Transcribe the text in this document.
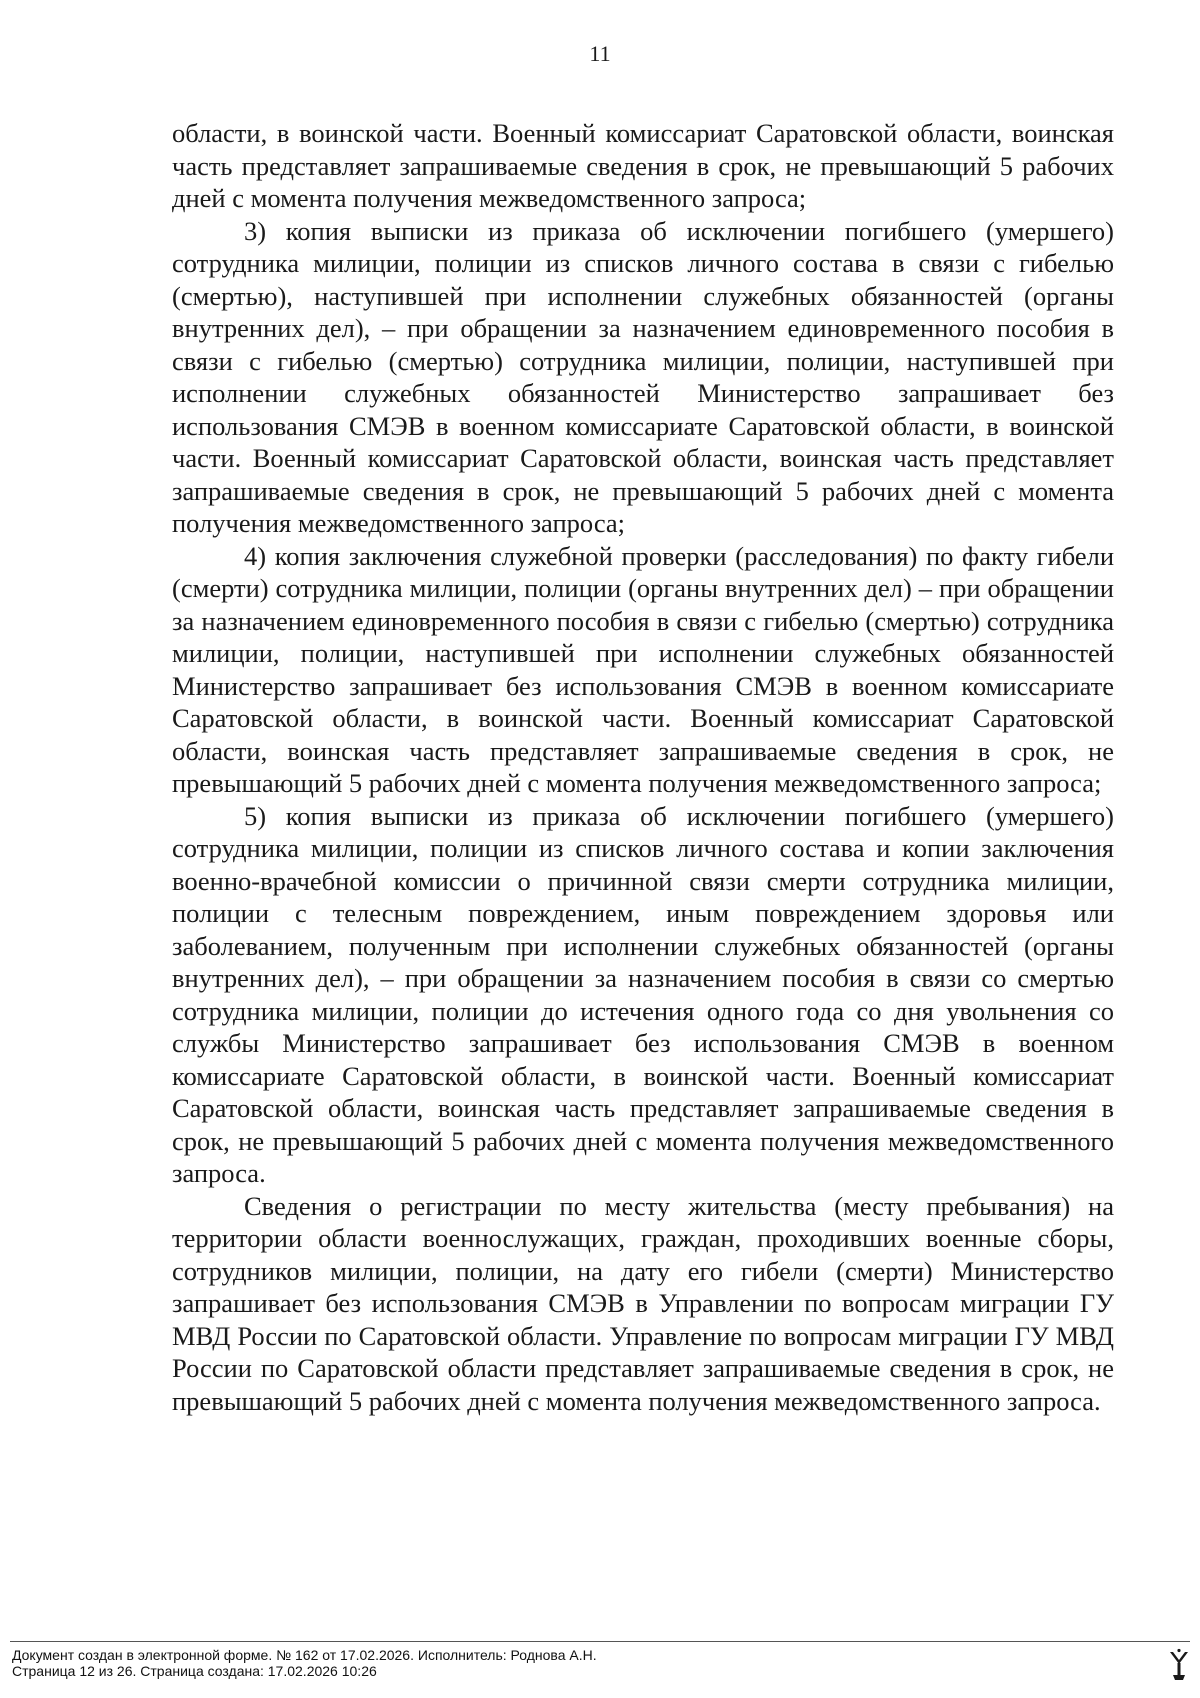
11

области, в воинской части. Военный комиссариат Саратовской области, воинская часть представляет запрашиваемые сведения в срок, не превышающий 5 рабочих дней с момента получения межведомственного запроса;

3) копия выписки из приказа об исключении погибшего (умершего) сотрудника милиции, полиции из списков личного состава в связи с гибелью (смертью), наступившей при исполнении служебных обязанностей (органы внутренних дел), – при обращении за назначением единовременного пособия в связи с гибелью (смертью) сотрудника милиции, полиции, наступившей при исполнении служебных обязанностей Министерство запрашивает без использования СМЭВ в военном комиссариате Саратовской области, в воинской части. Военный комиссариат Саратовской области, воинская часть представляет запрашиваемые сведения в срок, не превышающий 5 рабочих дней с момента получения межведомственного запроса;

4) копия заключения служебной проверки (расследования) по факту гибели (смерти) сотрудника милиции, полиции (органы внутренних дел) – при обращении за назначением единовременного пособия в связи с гибелью (смертью) сотрудника милиции, полиции, наступившей при исполнении служебных обязанностей Министерство запрашивает без использования СМЭВ в военном комиссариате Саратовской области, в воинской части. Военный комиссариат Саратовской области, воинская часть представляет запрашиваемые сведения в срок, не превышающий 5 рабочих дней с момента получения межведомственного запроса;

5) копия выписки из приказа об исключении погибшего (умершего) сотрудника милиции, полиции из списков личного состава и копии заключения военно-врачебной комиссии о причинной связи смерти сотрудника милиции, полиции с телесным повреждением, иным повреждением здоровья или заболеванием, полученным при исполнении служебных обязанностей (органы внутренних дел), – при обращении за назначением пособия в связи со смертью сотрудника милиции, полиции до истечения одного года со дня увольнения со службы Министерство запрашивает без использования СМЭВ в военном комиссариате Саратовской области, в воинской части. Военный комиссариат Саратовской области, воинская часть представляет запрашиваемые сведения в срок, не превышающий 5 рабочих дней с момента получения межведомственного запроса.

Сведения о регистрации по месту жительства (месту пребывания) на территории области военнослужащих, граждан, проходивших военные сборы, сотрудников милиции, полиции, на дату его гибели (смерти) Министерство запрашивает без использования СМЭВ в Управлении по вопросам миграции ГУ МВД России по Саратовской области. Управление по вопросам миграции ГУ МВД России по Саратовской области представляет запрашиваемые сведения в срок, не превышающий 5 рабочих дней с момента получения межведомственного запроса.

Документ создан в электронной форме. № 162 от 17.02.2026. Исполнитель: Роднова А.Н.
Страница 12 из 26. Страница создана: 17.02.2026 10:26
